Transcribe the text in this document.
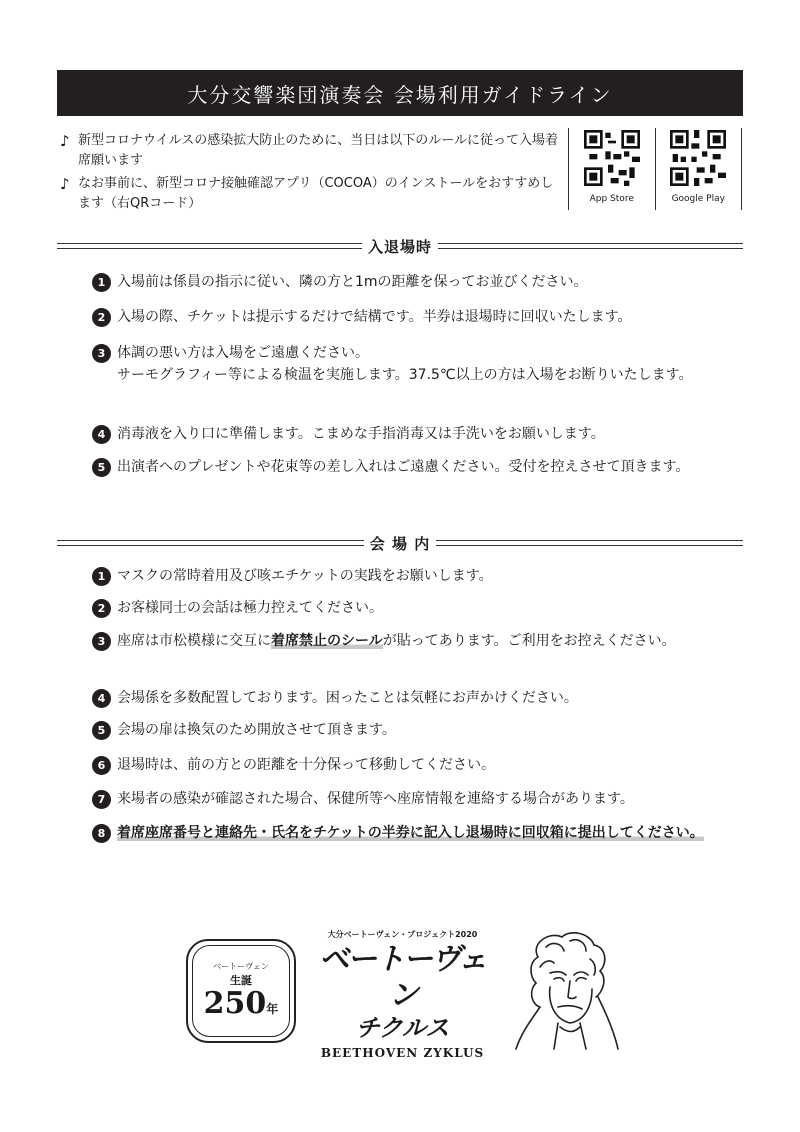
大分交響楽団演奏会 会場利用ガイドライン
♪ 新型コロナウイルスの感染拡大防止のために、当日は以下のルールに従って入場着席願います
♪ なお事前に、新型コロナ接触確認アプリ（COCOA）のインストールをおすすめします（右QRコード）	App Store	Google Play
入退場時
1 入場前は係員の指示に従い、隣の方と1mの距離を保ってお並びください。
2 入場の際、チケットは提示するだけで結構です。半券は退場時に回収いたします。
3 体調の悪い方は入場をご遠慮ください。
サーモグラフィー等による検温を実施します。37.5℃以上の方は入場をお断りいたします。
4 消毒液を入り口に準備します。こまめな手指消毒又は手洗いをお願いします。
5 出演者へのプレゼントや花束等の差し入れはご遠慮ください。受付を控えさせて頂きます。
会 場 内
1 マスクの常時着用及び咳エチケットの実践をお願いします。
2 お客様同士の会話は極力控えてください。
3 座席は市松模様に交互に着席禁止のシールが貼ってあります。ご利用をお控えください。
4 会場係を多数配置しております。困ったことは気軽にお声かけください。
5 会場の扉は換気のため開放させて頂きます。
6 退場時は、前の方との距離を十分保って移動してください。
7 来場者の感染が確認された場合、保健所等へ座席情報を連絡する場合があります。
8 着席座席番号と連絡先・氏名をチケットの半券に記入し退場時に回収箱に提出してください。
ベートーヴェン
生誕
250年
大分ベートーヴェン・プロジェクト2020
ベートーヴェン
チクルス
BEETHOVEN ZYKLUS
